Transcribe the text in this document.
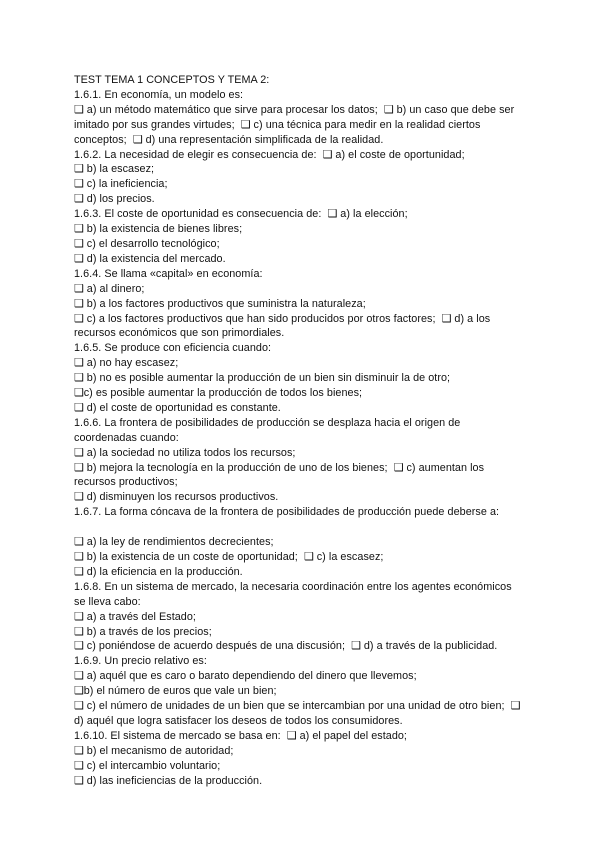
TEST TEMA 1 CONCEPTOS Y TEMA 2:
1.6.1. En economía, un modelo es:
❑ a) un método matemático que sirve para procesar los datos;  ❑ b) un caso que debe ser
imitado por sus grandes virtudes;  ❑ c) una técnica para medir en la realidad ciertos
conceptos;  ❑ d) una representación simplificada de la realidad.
1.6.2. La necesidad de elegir es consecuencia de:  ❑ a) el coste de oportunidad;
❑ b) la escasez;
❑ c) la ineficiencia;
❑ d) los precios.
1.6.3. El coste de oportunidad es consecuencia de:  ❑ a) la elección;
❑ b) la existencia de bienes libres;
❑ c) el desarrollo tecnológico;
❑ d) la existencia del mercado.
1.6.4. Se llama «capital» en economía:
❑ a) al dinero;
❑ b) a los factores productivos que suministra la naturaleza;
❑ c) a los factores productivos que han sido producidos por otros factores;  ❑ d) a los
recursos económicos que son primordiales.
1.6.5. Se produce con eficiencia cuando:
❑ a) no hay escasez;
❑ b) no es posible aumentar la producción de un bien sin disminuir la de otro;
❑c) es posible aumentar la producción de todos los bienes;
❑ d) el coste de oportunidad es constante.
1.6.6. La frontera de posibilidades de producción se desplaza hacia el origen de
coordenadas cuando:
❑ a) la sociedad no utiliza todos los recursos;
❑ b) mejora la tecnología en la producción de uno de los bienes;  ❑ c) aumentan los
recursos productivos;
❑ d) disminuyen los recursos productivos.
1.6.7. La forma cóncava de la frontera de posibilidades de producción puede deberse a:
❑ a) la ley de rendimientos decrecientes;
❑ b) la existencia de un coste de oportunidad;  ❑ c) la escasez;
❑ d) la eficiencia en la producción.
1.6.8. En un sistema de mercado, la necesaria coordinación entre los agentes económicos
se lleva cabo:
❑ a) a través del Estado;
❑ b) a través de los precios;
❑ c) poniéndose de acuerdo después de una discusión;  ❑ d) a través de la publicidad.
1.6.9. Un precio relativo es:
❑ a) aquél que es caro o barato dependiendo del dinero que llevemos;
❑b) el número de euros que vale un bien;
❑ c) el número de unidades de un bien que se intercambian por una unidad de otro bien;  ❑
d) aquél que logra satisfacer los deseos de todos los consumidores.
1.6.10. El sistema de mercado se basa en:  ❑ a) el papel del estado;
❑ b) el mecanismo de autoridad;
❑ c) el intercambio voluntario;
❑ d) las ineficiencias de la producción.
